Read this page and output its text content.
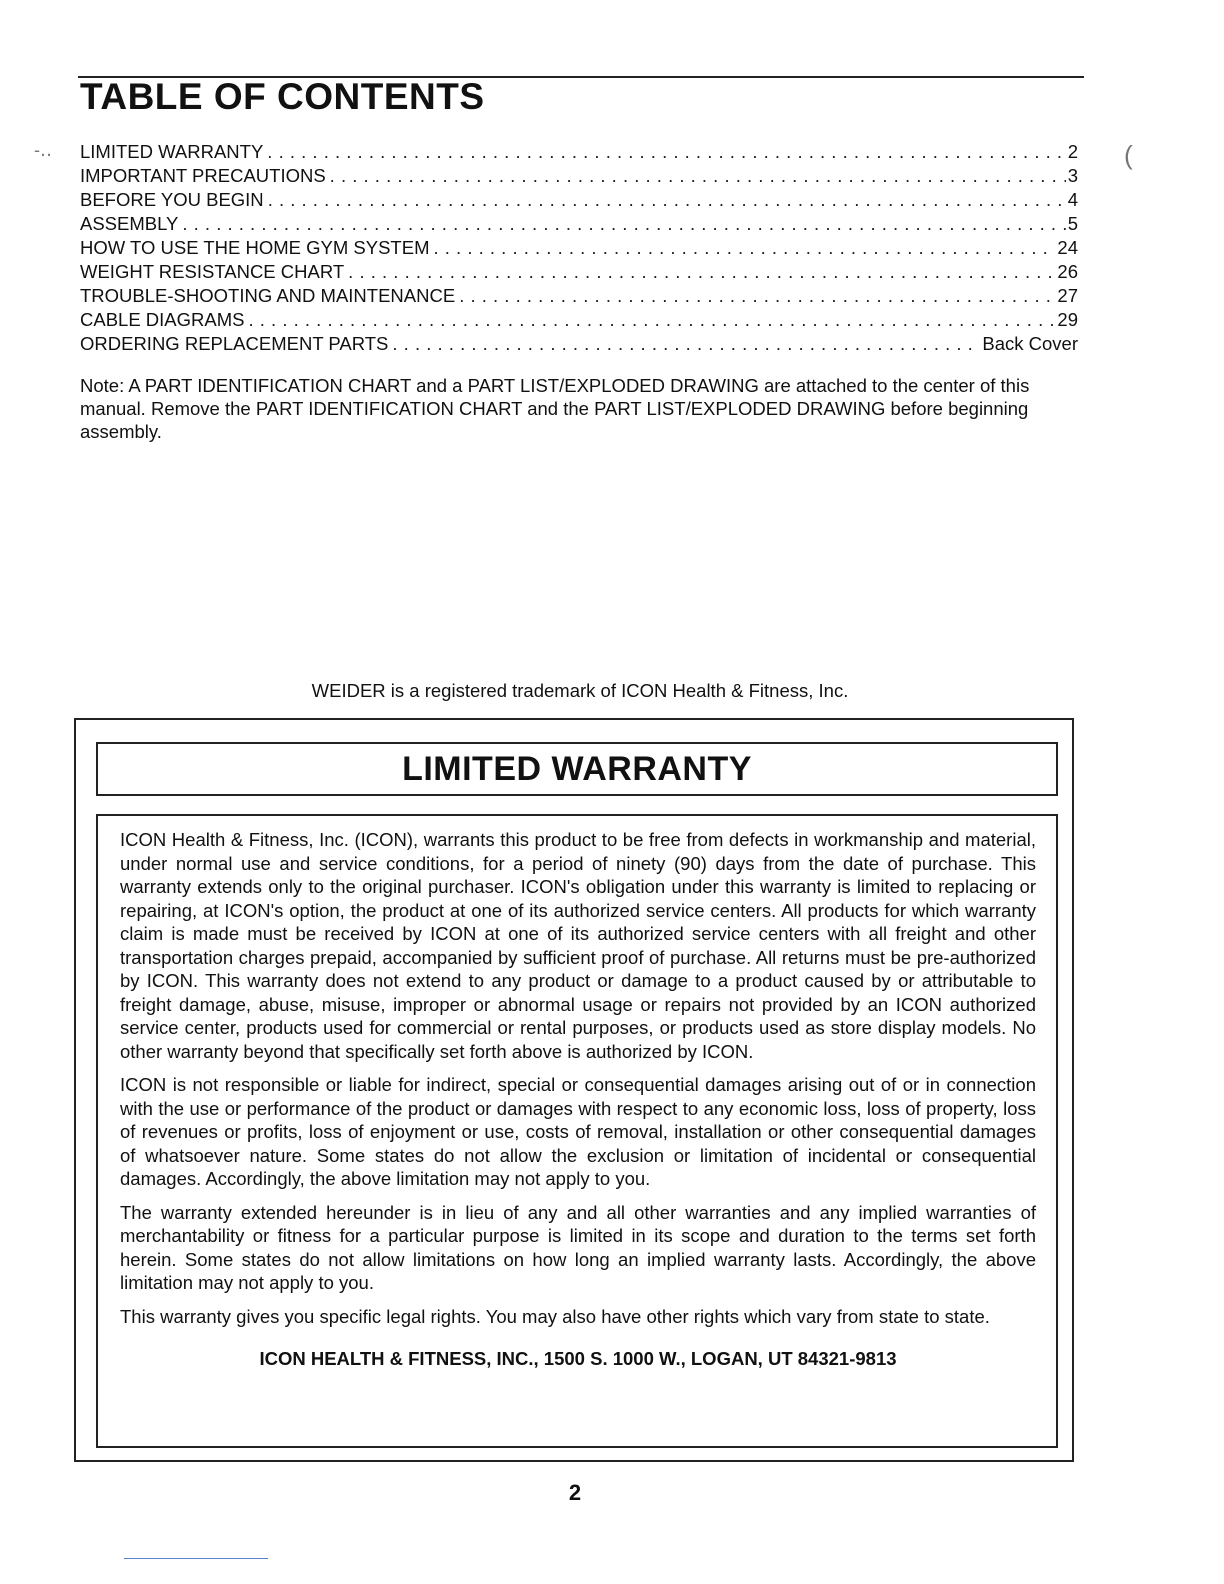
TABLE OF CONTENTS
-‥	(
LIMITED WARRANTY . . .	2
IMPORTANT PRECAUTIONS . . .	3
BEFORE YOU BEGIN . . .	4
ASSEMBLY . . .	5
HOW TO USE THE HOME GYM SYSTEM . . .	24
WEIGHT RESISTANCE CHART . . .	26
TROUBLE-SHOOTING AND MAINTENANCE . . .	27
CABLE DIAGRAMS . . .	29
ORDERING REPLACEMENT PARTS . . .	Back Cover

Note: A PART IDENTIFICATION CHART and a PART LIST/EXPLODED DRAWING are attached to the center of this manual. Remove the PART IDENTIFICATION CHART and the PART LIST/EXPLODED DRAWING before beginning assembly.

WEIDER is a registered trademark of ICON Health & Fitness, Inc.

LIMITED WARRANTY

ICON Health & Fitness, Inc. (ICON), warrants this product to be free from defects in workmanship and material, under normal use and service conditions, for a period of ninety (90) days from the date of purchase. This warranty extends only to the original purchaser. ICON's obligation under this warranty is limited to replacing or repairing, at ICON's option, the product at one of its authorized service centers. All products for which warranty claim is made must be received by ICON at one of its authorized service centers with all freight and other transportation charges prepaid, accompanied by sufficient proof of purchase. All returns must be pre-authorized by ICON. This warranty does not extend to any product or damage to a product caused by or attributable to freight damage, abuse, misuse, improper or abnormal usage or repairs not provided by an ICON authorized service center, products used for commercial or rental purposes, or products used as store display models. No other warranty beyond that specifically set forth above is authorized by ICON.

ICON is not responsible or liable for indirect, special or consequential damages arising out of or in connection with the use or performance of the product or damages with respect to any economic loss, loss of property, loss of revenues or profits, loss of enjoyment or use, costs of removal, installation or other consequential damages of whatsoever nature. Some states do not allow the exclusion or limitation of incidental or consequential damages. Accordingly, the above limitation may not apply to you.

The warranty extended hereunder is in lieu of any and all other warranties and any implied warranties of merchantability or fitness for a particular purpose is limited in its scope and duration to the terms set forth herein. Some states do not allow limitations on how long an implied warranty lasts. Accordingly, the above limitation may not apply to you.

This warranty gives you specific legal rights. You may also have other rights which vary from state to state.

ICON HEALTH & FITNESS, INC., 1500 S. 1000 W., LOGAN, UT 84321-9813

2
